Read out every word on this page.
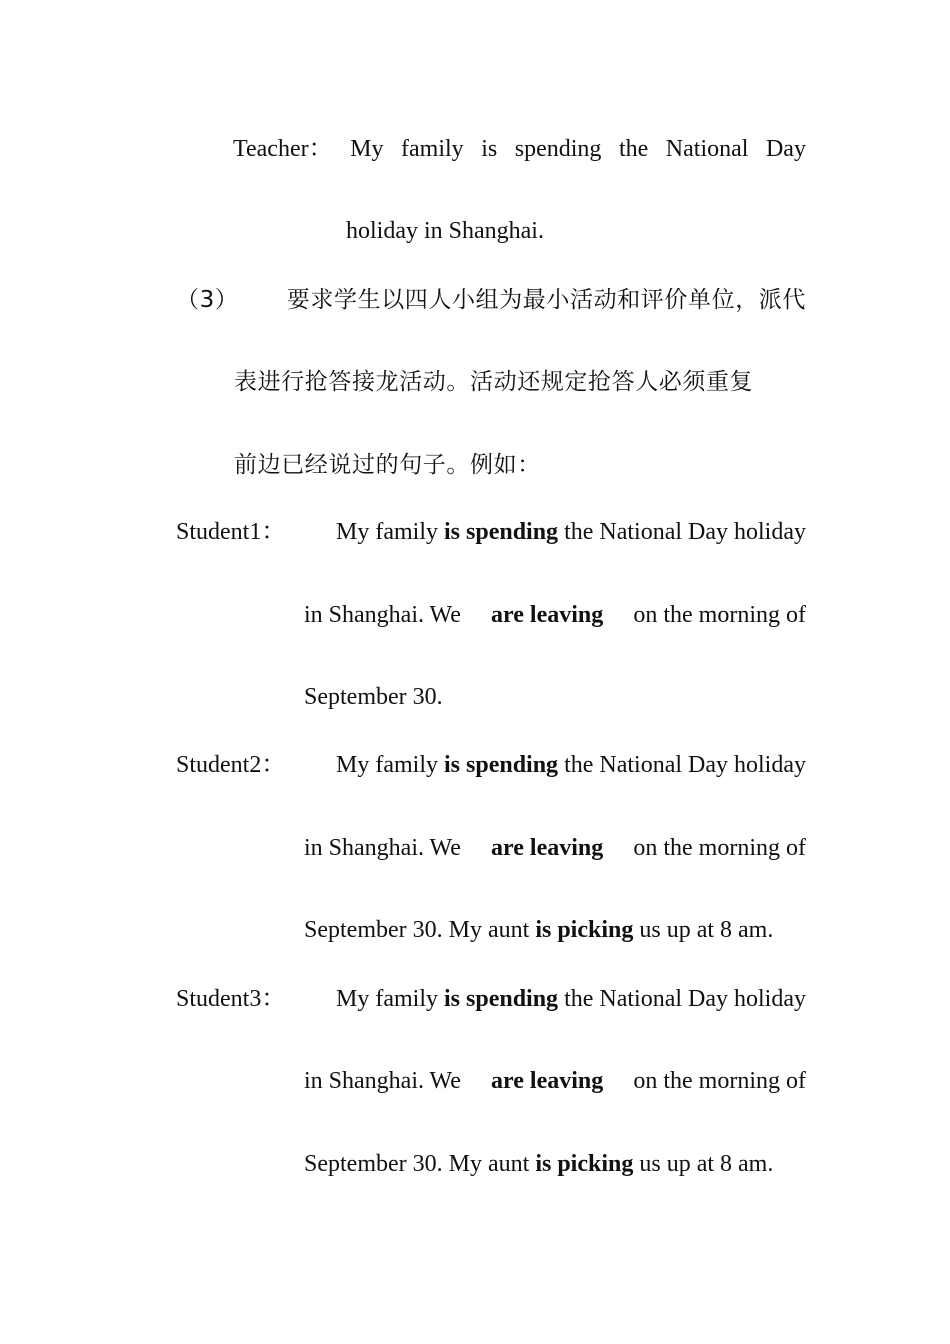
Teacher： My family is spending the National Day
holiday in Shanghai.
（3） 要求学生以四人小组为最小活动和评价单位，派代
表进行抢答接龙活动。活动还规定抢答人必须重复
前边已经说过的句子。例如：
Student1： My family is spending the National Day holiday
in Shanghai. We are leaving on the morning of
September 30.
Student2： My family is spending the National Day holiday
in Shanghai. We are leaving on the morning of
September 30. My aunt is picking us up at 8 am.
Student3： My family is spending the National Day holiday
in Shanghai. We are leaving on the morning of
September 30. My aunt is picking us up at 8 am.
